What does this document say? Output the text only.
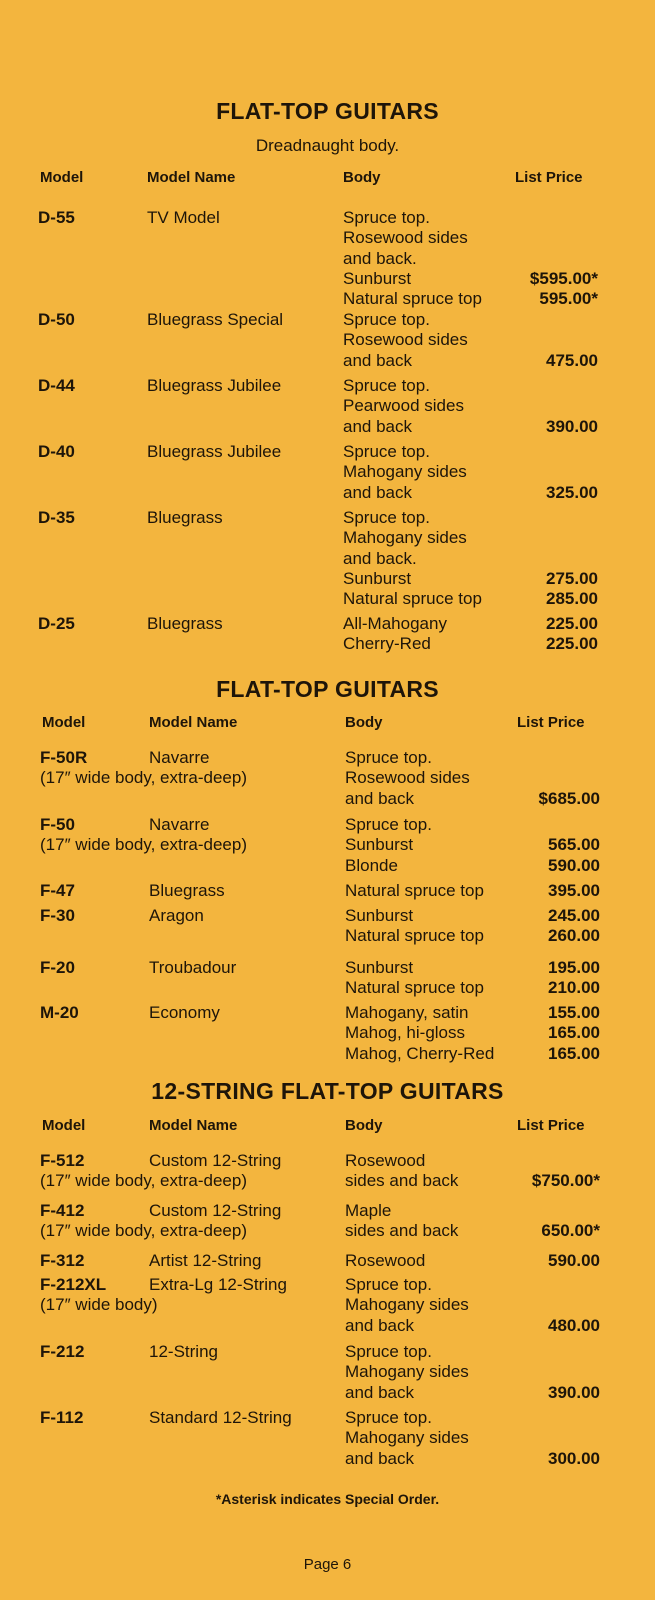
FLAT-TOP GUITARS
Dreadnaught body.
Model	Model Name	Body	List Price
D-55	TV Model	Spruce top.
Rosewood sides
and back.
Sunburst	$595.00*
Natural spruce top	595.00*
D-50	Bluegrass Special	Spruce top.
Rosewood sides
and back	475.00
D-44	Bluegrass Jubilee	Spruce top.
Pearwood sides
and back	390.00
D-40	Bluegrass Jubilee	Spruce top.
Mahogany sides
and back	325.00
D-35	Bluegrass	Spruce top.
Mahogany sides
and back.
Sunburst	275.00
Natural spruce top	285.00
D-25	Bluegrass	All-Mahogany	225.00
Cherry-Red	225.00
FLAT-TOP GUITARS
Model	Model Name	Body	List Price
F-50R	Navarre
(17″ wide body, extra-deep)
Spruce top.
Rosewood sides
and back	$685.00
F-50	Navarre
(17″ wide body, extra-deep)
Spruce top.
Sunburst	565.00
Blonde	590.00
F-47	Bluegrass	Natural spruce top	395.00
F-30	Aragon	Sunburst	245.00
Natural spruce top	260.00
F-20	Troubadour	Sunburst	195.00
Natural spruce top	210.00
M-20	Economy	Mahogany, satin	155.00
Mahog, hi-gloss	165.00
Mahog, Cherry-Red	165.00
12-STRING FLAT-TOP GUITARS
Model	Model Name	Body	List Price
F-512	Custom 12-String
(17″ wide body, extra-deep)
Rosewood
sides and back	$750.00*
F-412	Custom 12-String
(17″ wide body, extra-deep)
Maple
sides and back	650.00*
F-312	Artist 12-String	Rosewood	590.00
F-212XL	Extra-Lg 12-String
(17″ wide body)
Spruce top.
Mahogany sides
and back	480.00
F-212	12-String	Spruce top.
Mahogany sides
and back	390.00
F-112	Standard 12-String	Spruce top.
Mahogany sides
and back	300.00
*Asterisk indicates Special Order.
Page 6
